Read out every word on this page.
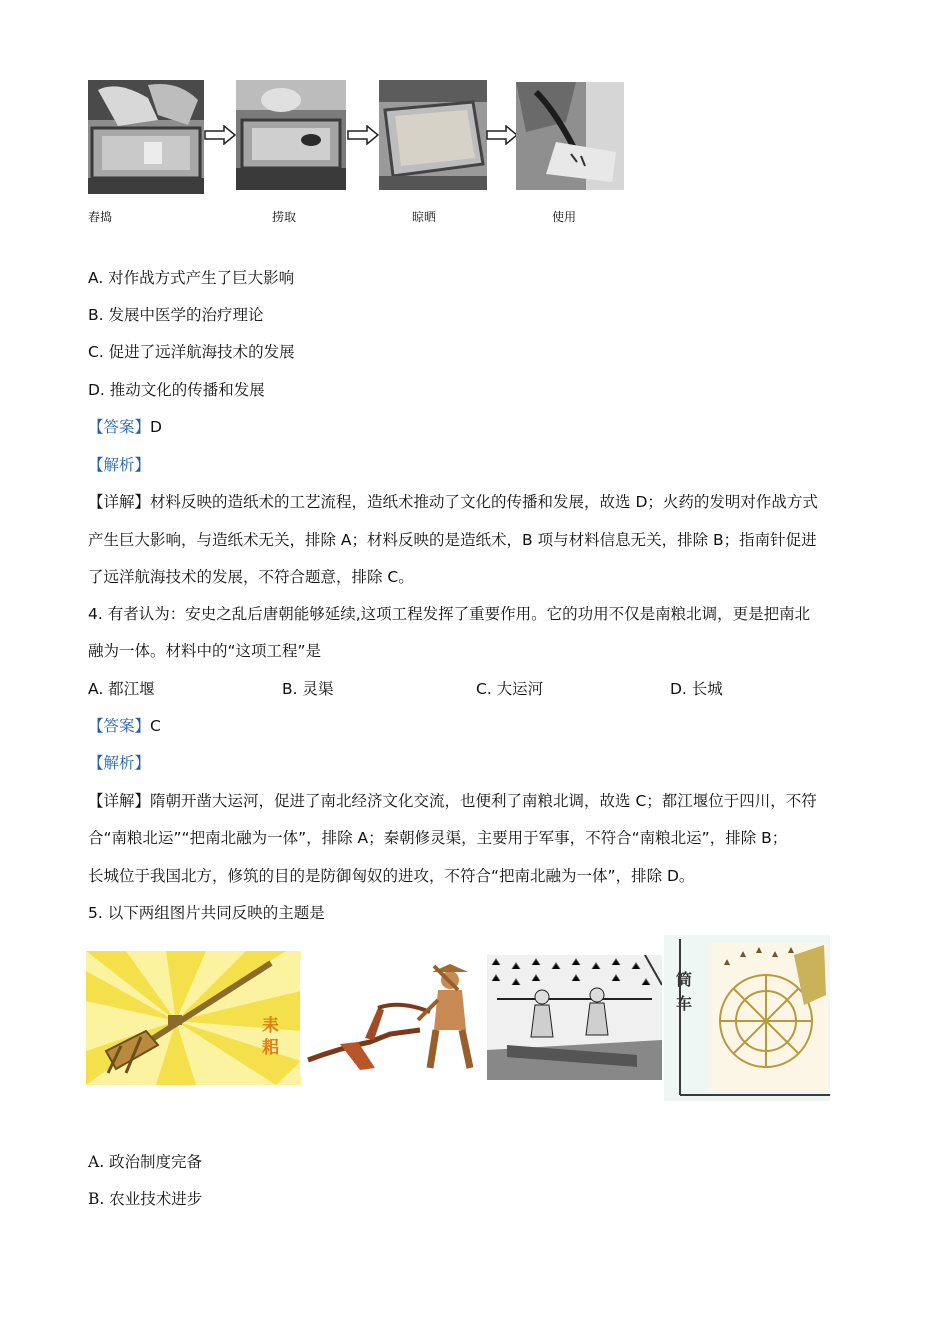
舂捣	捞取	晾晒	使用
A. 对作战方式产生了巨大影响
B. 发展中医学的治疗理论
C. 促进了远洋航海技术的发展
D. 推动文化的传播和发展
【答案】D
【解析】
【详解】材料反映的造纸术的工艺流程，造纸术推动了文化的传播和发展，故选 D；火药的发明对作战方式
产生巨大影响，与造纸术无关，排除 A；材料反映的是造纸术，B 项与材料信息无关，排除 B；指南针促进
了远洋航海技术的发展，不符合题意，排除 C。
4. 有者认为：安史之乱后唐朝能够延续,这项工程发挥了重要作用。它的功用不仅是南粮北调，更是把南北
融为一体。材料中的“这项工程”是
A. 都江堰	B. 灵渠	C. 大运河	D. 长城
【答案】C
【解析】
【详解】隋朝开凿大运河，促进了南北经济文化交流，也便利了南粮北调，故选 C；都江堰位于四川，不符
合“南粮北运”“把南北融为一体”，排除 A；秦朝修灵渠，主要用于军事，不符合“南粮北运”，排除 B；
长城位于我国北方，修筑的目的是防御匈奴的进攻，不符合“把南北融为一体”，排除 D。
5. 以下两组图片共同反映的主题是
耒耜
筒车
A. 政治制度完备
B. 农业技术进步
